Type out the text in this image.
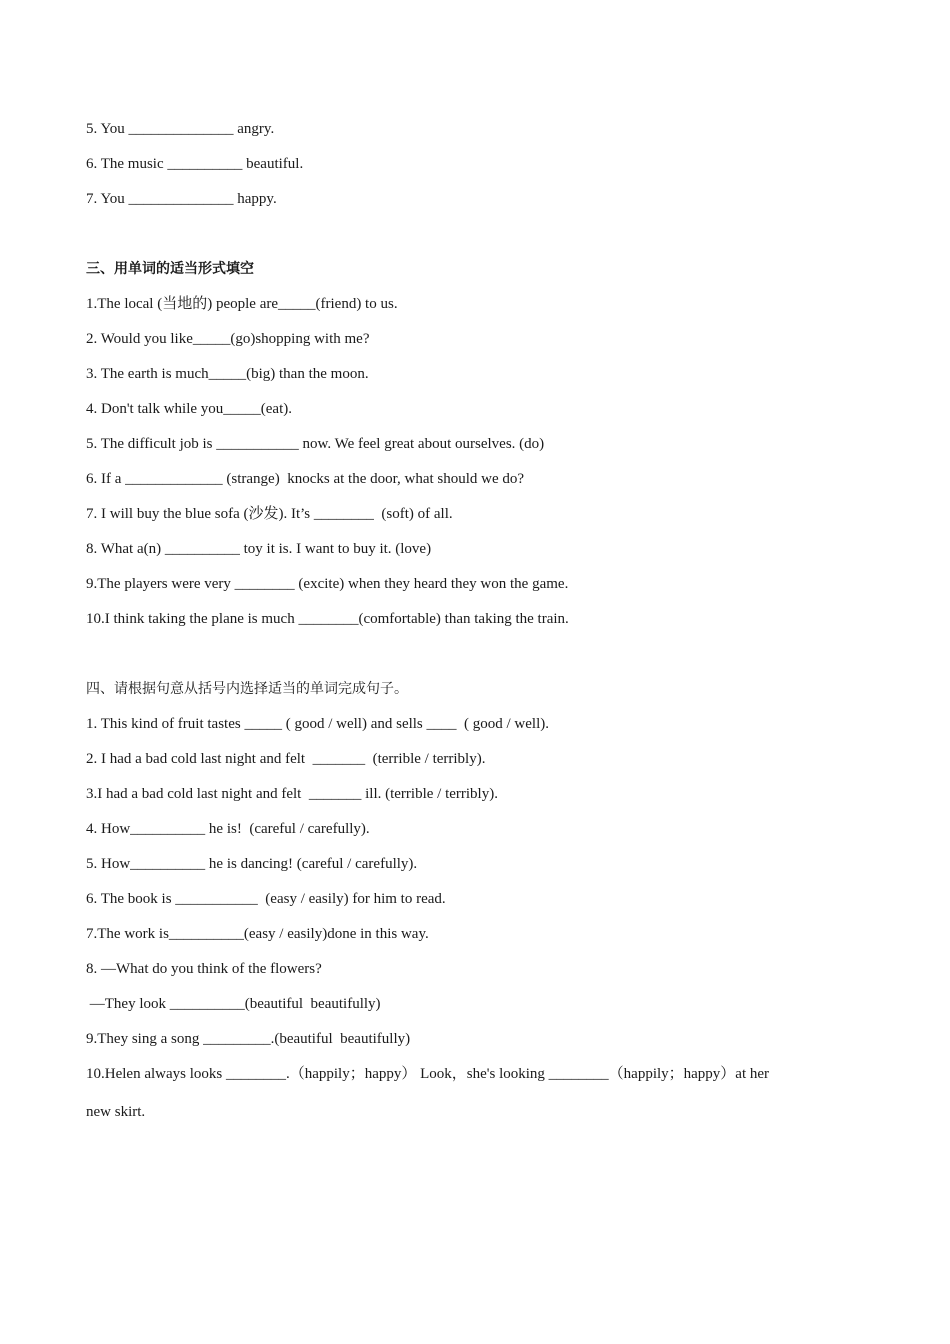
5. You ______________ angry.
6. The music __________ beautiful.
7. You ______________ happy.
三、用单词的适当形式填空
1.The local (当地的) people are_____(friend) to us.
2. Would you like_____(go)shopping with me?
3. The earth is much_____(big) than the moon.
4. Don't talk while you_____(eat).
5. The difficult job is ___________ now. We feel great about ourselves. (do)
6. If a _____________ (strange)  knocks at the door, what should we do?
7. I will buy the blue sofa (沙发). It’s ________  (soft) of all.
8. What a(n) __________ toy it is. I want to buy it. (love)
9.The players were very ________ (excite) when they heard they won the game.
10.I think taking the plane is much ________(comfortable) than taking the train.
四、请根据句意从括号内选择适当的单词完成句子。
1. This kind of fruit tastes _____ ( good / well) and sells ____  ( good / well).
2. I had a bad cold last night and felt  _______  (terrible / terribly).
3.I had a bad cold last night and felt  _______ ill. (terrible / terribly).
4. How__________ he is!  (careful / carefully).
5. How__________ he is dancing! (careful / carefully).
6. The book is ___________  (easy / easily) for him to read.
7.The work is__________(easy / easily)done in this way.
8. —What do you think of the flowers?
—They look __________(beautiful  beautifully)
9.They sing a song _________.(beautiful  beautifully)
10.Helen always looks ________.（happily；happy） Look，she's looking ________（happily；happy）at her
new skirt.
